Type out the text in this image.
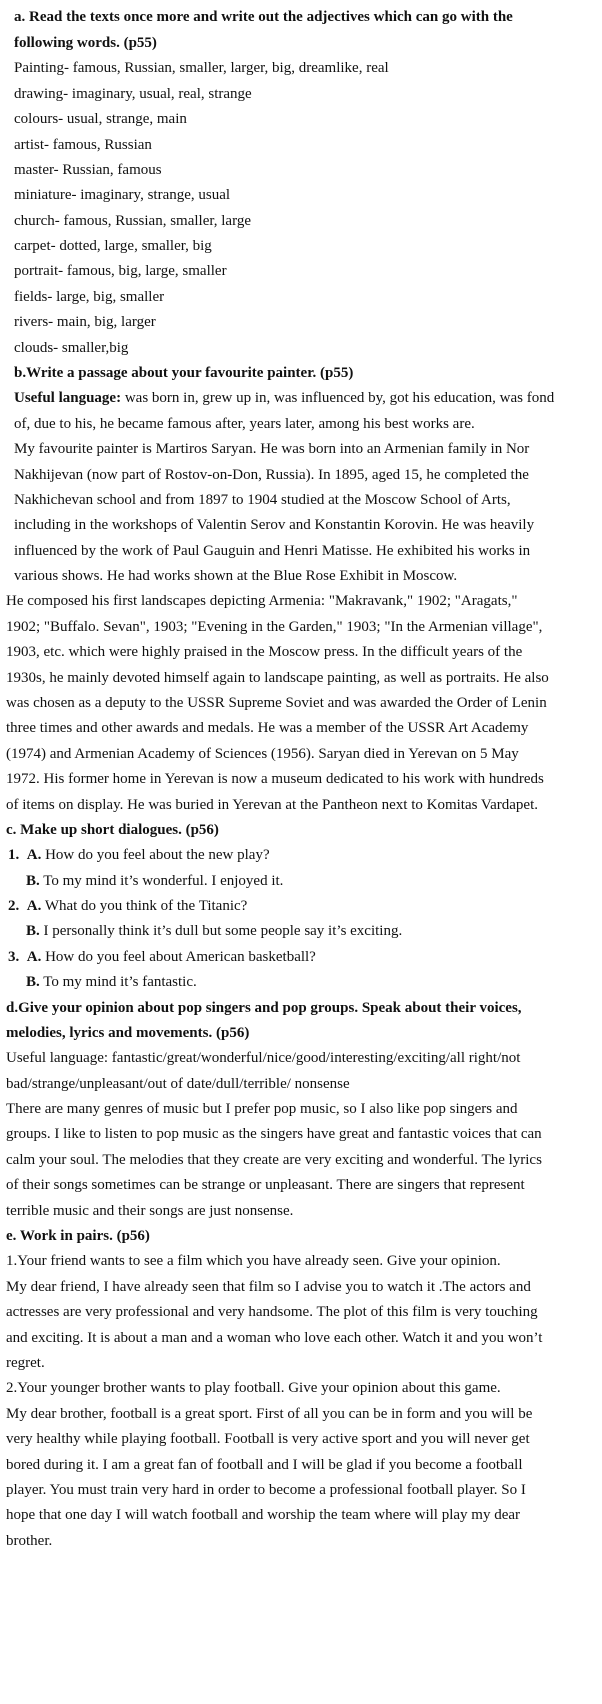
a. Read the texts once more and write out the adjectives which can go with the
following words. (p55)
Painting- famous, Russian, smaller, larger, big, dreamlike, real
drawing- imaginary, usual, real, strange
colours- usual, strange, main
artist- famous, Russian
master- Russian, famous
miniature- imaginary, strange, usual
church- famous, Russian, smaller, large
carpet- dotted, large, smaller, big
portrait- famous, big, large, smaller
fields- large, big, smaller
rivers- main, big, larger
clouds- smaller,big
b.Write a passage about your favourite painter. (p55)
Useful language: was born in, grew up in, was influenced by, got his education, was fond
of, due to his, he became famous after, years later, among his best works are.
My favourite painter is Martiros Saryan. He was born into an Armenian family in Nor
Nakhijevan (now part of Rostov-on-Don, Russia). In 1895, aged 15, he completed the
Nakhichevan school and from 1897 to 1904 studied at the Moscow School of Arts,
including in the workshops of Valentin Serov and Konstantin Korovin. He was heavily
influenced by the work of Paul Gauguin and Henri Matisse. He exhibited his works in
various shows. He had works shown at the Blue Rose Exhibit in Moscow.
He composed his first landscapes depicting Armenia: "Makravank," 1902; "Aragats,"
1902; "Buffalo. Sevan", 1903; "Evening in the Garden," 1903; "In the Armenian village",
1903, etc. which were highly praised in the Moscow press. In the difficult years of the
1930s, he mainly devoted himself again to landscape painting, as well as portraits. He also
was chosen as a deputy to the USSR Supreme Soviet and was awarded the Order of Lenin
three times and other awards and medals. He was a member of the USSR Art Academy
(1974) and Armenian Academy of Sciences (1956). Saryan died in Yerevan on 5 May
1972. His former home in Yerevan is now a museum dedicated to his work with hundreds
of items on display. He was buried in Yerevan at the Pantheon next to Komitas Vardapet.
c. Make up short dialogues. (p56)
1. A. How do you feel about the new play?
B. To my mind it’s wonderful. I enjoyed it.
2. A. What do you think of the Titanic?
B. I personally think it’s dull but some people say it’s exciting.
3. A. How do you feel about American basketball?
B. To my mind it’s fantastic.
d.Give your opinion about pop singers and pop groups. Speak about their voices,
melodies, lyrics and movements. (p56)
Useful language: fantastic/great/wonderful/nice/good/interesting/exciting/all right/not
bad/strange/unpleasant/out of date/dull/terrible/ nonsense
There are many genres of music but I prefer pop music, so I also like pop singers and
groups. I like to listen to pop music as the singers have great and fantastic voices that can
calm your soul. The melodies that they create are very exciting and wonderful. The lyrics
of their songs sometimes can be strange or unpleasant. There are singers that represent
terrible music and their songs are just nonsense.
e. Work in pairs. (p56)
1.Your friend wants to see a film which you have already seen. Give your opinion.
My dear friend, I have already seen that film so I advise you to watch it .The actors and
actresses are very professional and very handsome. The plot of this film is very touching
and exciting. It is about a man and a woman who love each other. Watch it and you won’t
regret.
2.Your younger brother wants to play football. Give your opinion about this game.
My dear brother, football is a great sport. First of all you can be in form and you will be
very healthy while playing football. Football is very active sport and you will never get
bored during it. I am a great fan of football and I will be glad if you become a football
player. You must train very hard in order to become a professional football player. So I
hope that one day I will watch football and worship the team where will play my dear
brother.
